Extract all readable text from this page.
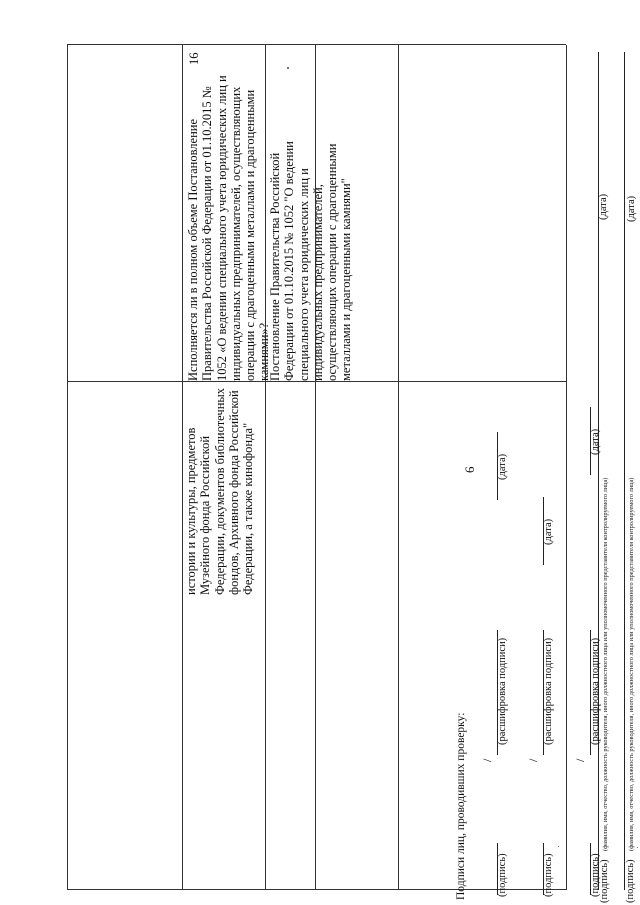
6
истории и культуры, предметов Музейного фонда Российской Федерации, документов библиотечных фондов, Архивного фонда Российской Федерации, а также кинофонда"
16
Исполняется ли в полном объеме Постановление Правительства Российской Федерации от 01.10.2015 № 1052 «О ведении специального учета юридических лиц и индивидуальных предпринимателей, осуществляющих операции с драгоценными металлами и драгоценными камнями»?
Постановление Правительства Российской Федерации от 01.10.2015 № 1052 "О ведении специального учета юридических лиц и индивидуальных предпринимателей, осуществляющих операции с драгоценными металлами и драгоценными камнями"
(подпись)
(фамилия, имя, отчество, должность руководителя, иного должностного лица или уполномоченного представителя контролируемого лица)
(дата)
(подпись)
(фамилия, имя, отчество, должность руководителя, иного должностного лица или уполномоченного представителя контролируемого лица)
(дата)
Подписи лиц, проводивших проверку:	(подпись)
/
(расшифровка подписи)
(дата)
(подпись)
/
(расшифровка подписи)
(дата)
(подпись)
/
(расшифровка подписи)
(дата)
